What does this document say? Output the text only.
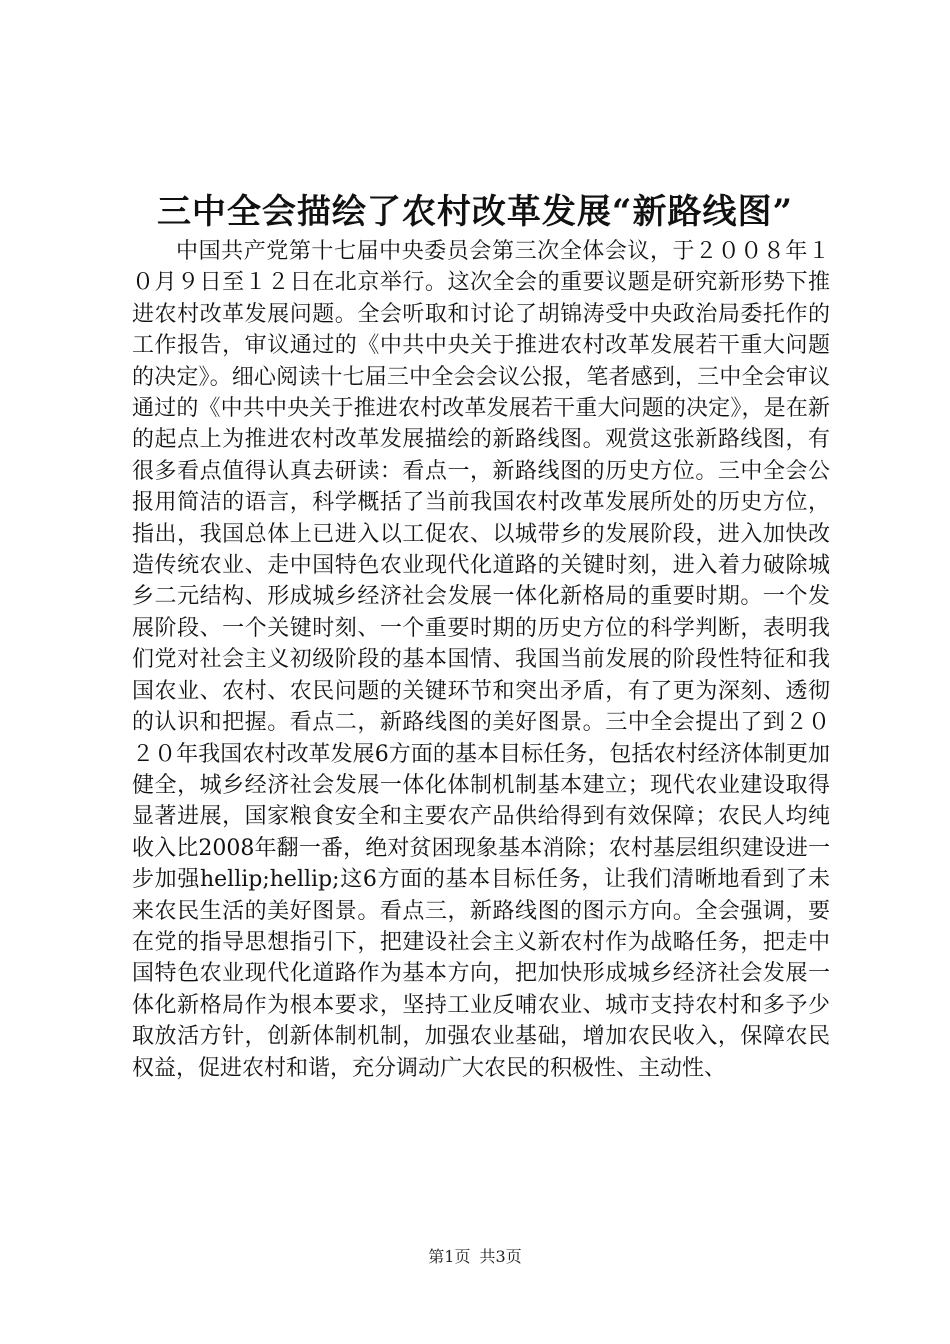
三中全会描绘了农村改革发展“新路线图”

中国共产党第十七届中央委员会第三次全体会议，于２００８年１０月９日至１２日在北京举行。这次全会的重要议题是研究新形势下推进农村改革发展问题。全会听取和讨论了胡锦涛受中央政治局委托作的工作报告，审议通过的《中共中央关于推进农村改革发展若干重大问题的决定》。细心阅读十七届三中全会会议公报，笔者感到，三中全会审议通过的《中共中央关于推进农村改革发展若干重大问题的决定》，是在新的起点上为推进农村改革发展描绘的新路线图。观赏这张新路线图，有很多看点值得认真去研读：看点一，新路线图的历史方位。三中全会公报用简洁的语言，科学概括了当前我国农村改革发展所处的历史方位，指出，我国总体上已进入以工促农、以城带乡的发展阶段，进入加快改造传统农业、走中国特色农业现代化道路的关键时刻，进入着力破除城乡二元结构、形成城乡经济社会发展一体化新格局的重要时期。一个发展阶段、一个关键时刻、一个重要时期的历史方位的科学判断，表明我们党对社会主义初级阶段的基本国情、我国当前发展的阶段性特征和我国农业、农村、农民问题的关键环节和突出矛盾，有了更为深刻、透彻的认识和把握。看点二，新路线图的美好图景。三中全会提出了到２０２０年我国农村改革发展6方面的基本目标任务，包括农村经济体制更加健全，城乡经济社会发展一体化体制机制基本建立；现代农业建设取得显著进展，国家粮食安全和主要农产品供给得到有效保障；农民人均纯收入比2008年翻一番，绝对贫困现象基本消除；农村基层组织建设进一步加强hellip;hellip;这6方面的基本目标任务，让我们清晰地看到了未来农民生活的美好图景。看点三，新路线图的图示方向。全会强调，要在党的指导思想指引下，把建设社会主义新农村作为战略任务，把走中国特色农业现代化道路作为基本方向，把加快形成城乡经济社会发展一体化新格局作为根本要求，坚持工业反哺农业、城市支持农村和多予少取放活方针，创新体制机制，加强农业基础，增加农民收入，保障农民权益，促进农村和谐，充分调动广大农民的积极性、主动性、

第1页 共3页
